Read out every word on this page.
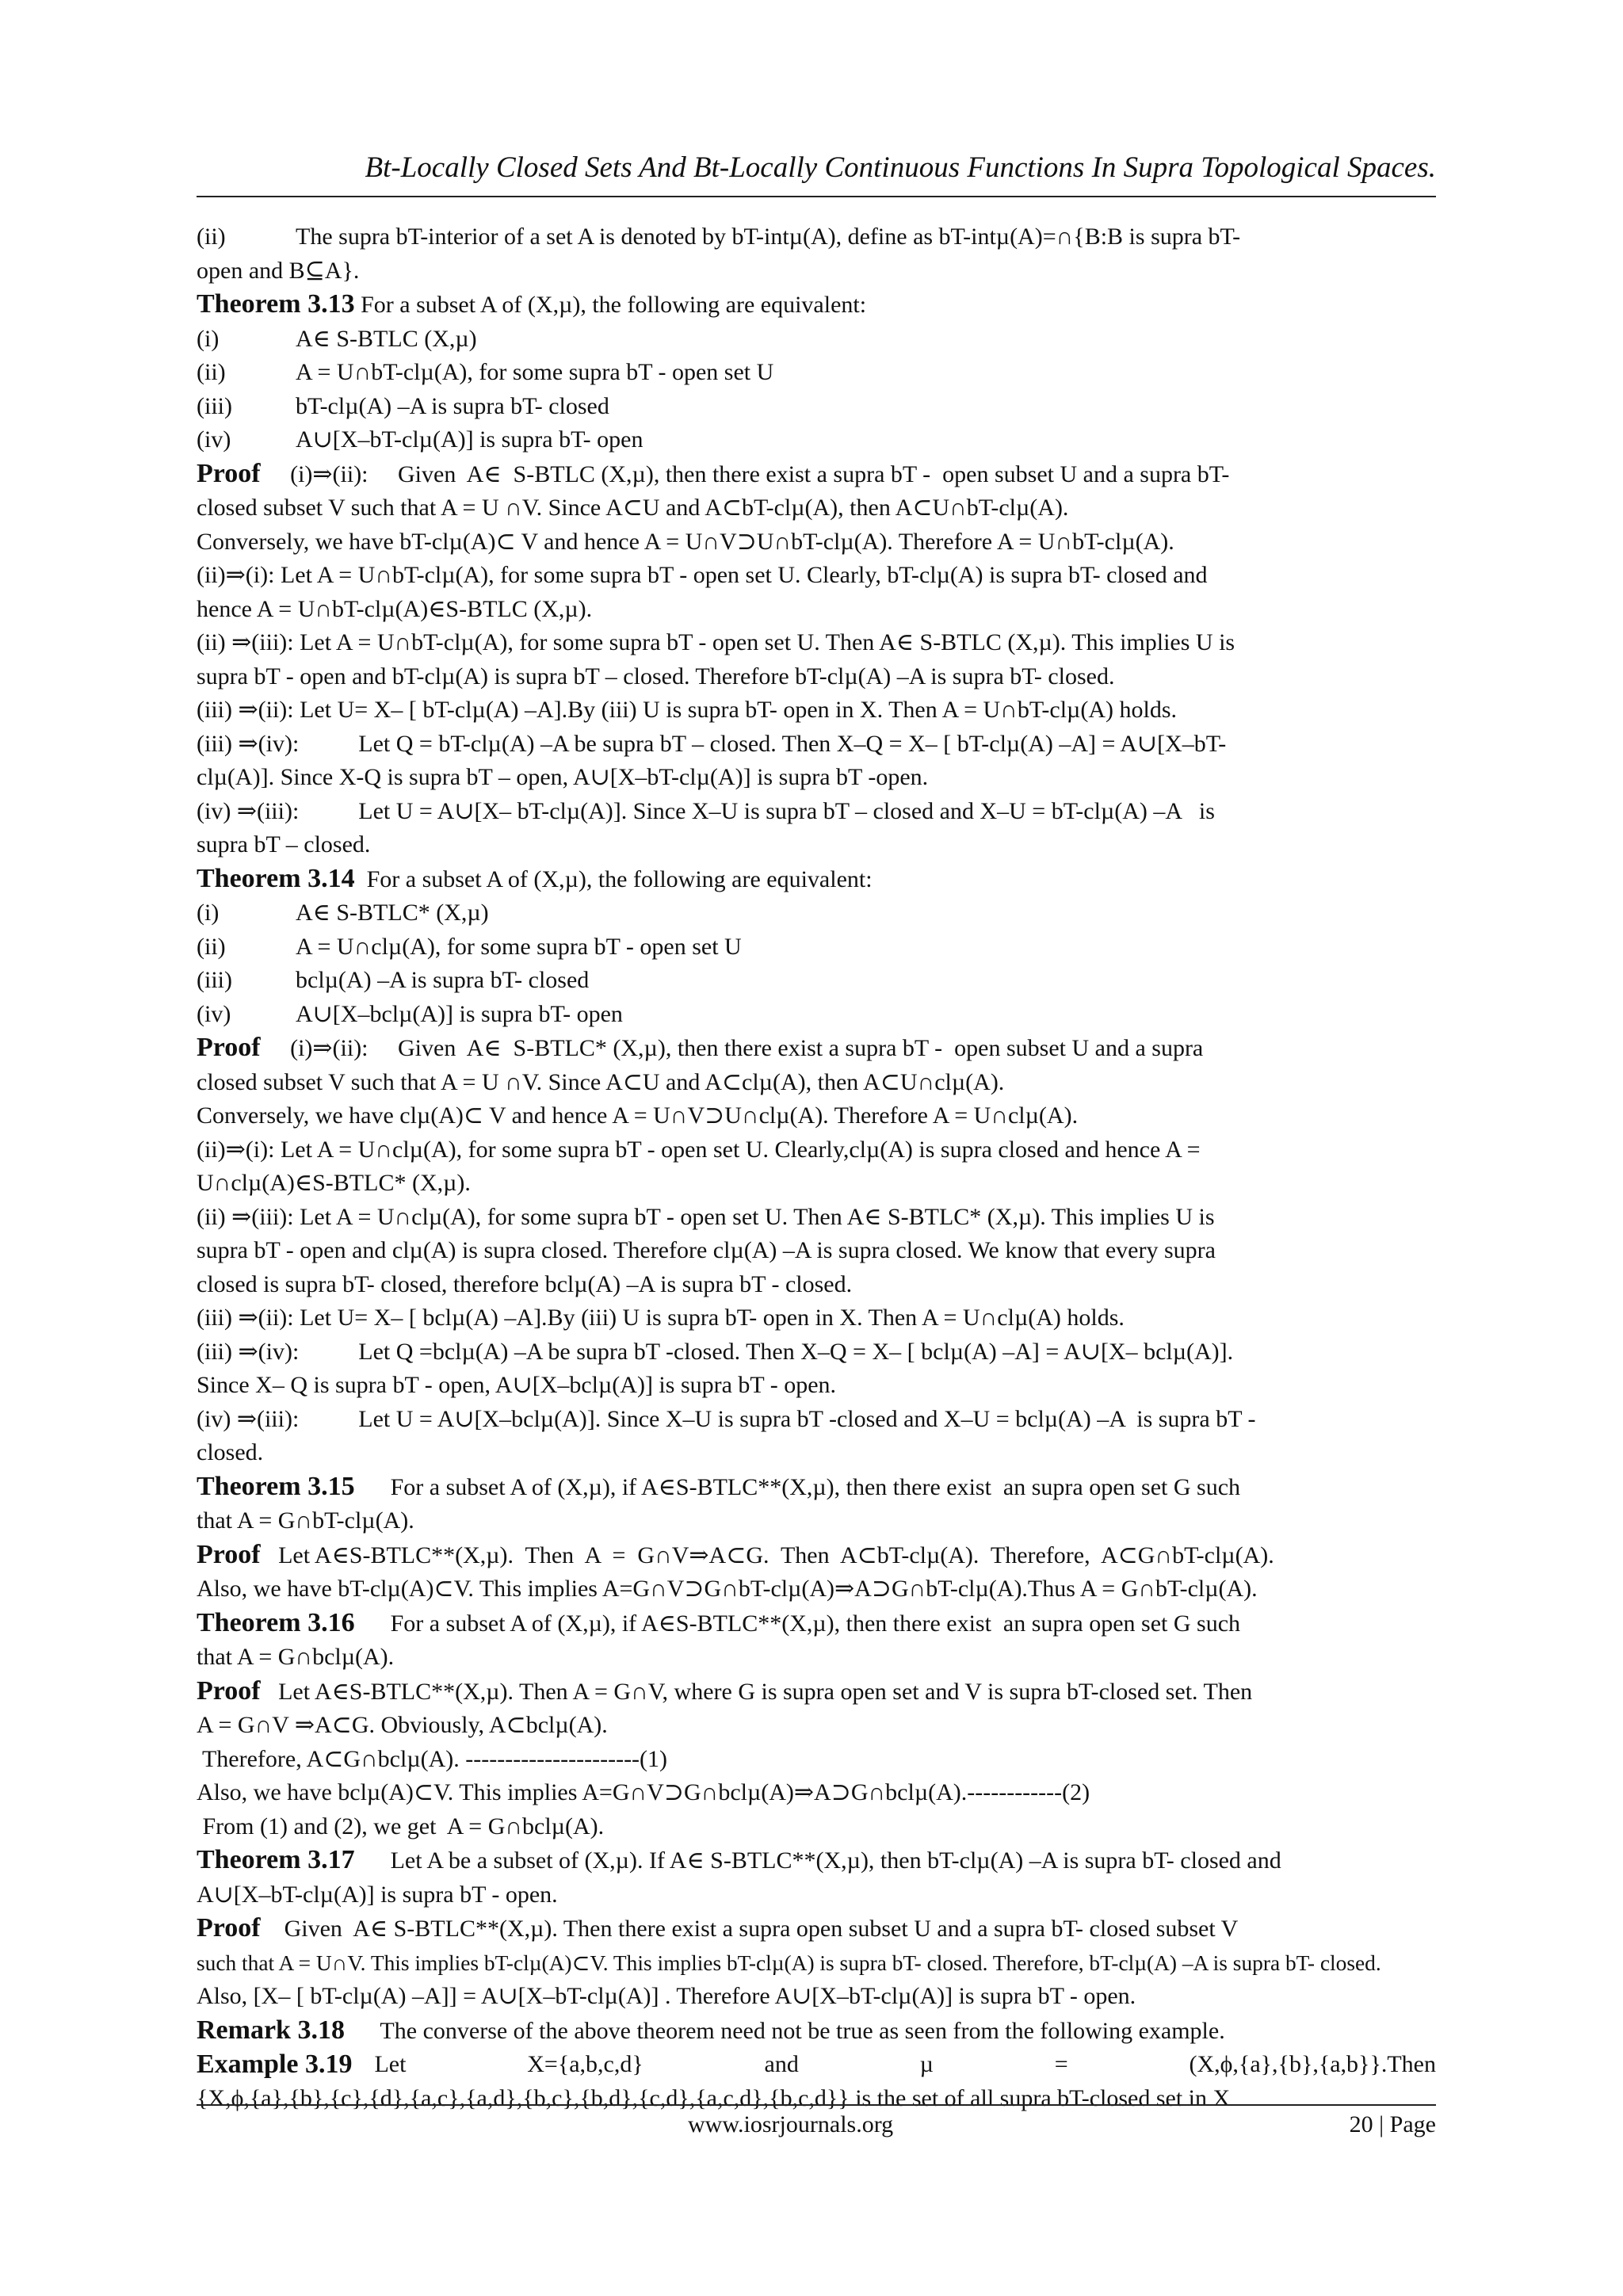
Bt-Locally Closed Sets And Bt-Locally Continuous Functions In Supra Topological Spaces.
(ii)	The supra bT-interior of a set A is denoted by bT-intµ(A), define as bT-intµ(A)=∩{B:B is supra bT-
open and B⊆A}.
Theorem 3.13 For a subset A of (X,µ), the following are equivalent:
(i)	A∈ S-BTLC (X,µ)
(ii)	A = U∩bT-clµ(A), for some supra bT - open set U
(iii)	bT-clµ(A) –A is supra bT- closed
(iv)	A∪[X–bT-clµ(A)] is supra bT- open
Proof     (i)⇒(ii):     Given  A∈  S-BTLC (X,µ), then there exist a supra bT -  open subset U and a supra bT-
closed subset V such that A = U ∩V. Since A⊂U and A⊂bT-clµ(A), then A⊂U∩bT-clµ(A).
Conversely, we have bT-clµ(A)⊂ V and hence A = U∩V⊃U∩bT-clµ(A). Therefore A = U∩bT-clµ(A).
(ii)⇒(i): Let A = U∩bT-clµ(A), for some supra bT - open set U. Clearly, bT-clµ(A) is supra bT- closed and
hence A = U∩bT-clµ(A)∈S-BTLC (X,µ).
(ii) ⇒(iii): Let A = U∩bT-clµ(A), for some supra bT - open set U. Then A∈ S-BTLC (X,µ). This implies U is
supra bT - open and bT-clµ(A) is supra bT – closed. Therefore bT-clµ(A) –A is supra bT- closed.
(iii) ⇒(ii): Let U= X– [ bT-clµ(A) –A].By (iii) U is supra bT- open in X. Then A = U∩bT-clµ(A) holds.
(iii) ⇒(iv):          Let Q = bT-clµ(A) –A be supra bT – closed. Then X–Q = X– [ bT-clµ(A) –A] = A∪[X–bT-
clµ(A)]. Since X-Q is supra bT – open, A∪[X–bT-clµ(A)] is supra bT -open.
(iv) ⇒(iii):          Let U = A∪[X– bT-clµ(A)]. Since X–U is supra bT – closed and X–U = bT-clµ(A) –A   is
supra bT – closed.
Theorem 3.14  For a subset A of (X,µ), the following are equivalent:
(i)	A∈ S-BTLC* (X,µ)
(ii)	A = U∩clµ(A), for some supra bT - open set U
(iii)	bclµ(A) –A is supra bT- closed
(iv)	A∪[X–bclµ(A)] is supra bT- open
Proof     (i)⇒(ii):     Given  A∈  S-BTLC* (X,µ), then there exist a supra bT -  open subset U and a supra
closed subset V such that A = U ∩V. Since A⊂U and A⊂clµ(A), then A⊂U∩clµ(A).
Conversely, we have clµ(A)⊂ V and hence A = U∩V⊃U∩clµ(A). Therefore A = U∩clµ(A).
(ii)⇒(i): Let A = U∩clµ(A), for some supra bT - open set U. Clearly,clµ(A) is supra closed and hence A =
U∩clµ(A)∈S-BTLC* (X,µ).
(ii) ⇒(iii): Let A = U∩clµ(A), for some supra bT - open set U. Then A∈ S-BTLC* (X,µ). This implies U is
supra bT - open and clµ(A) is supra closed. Therefore clµ(A) –A is supra closed. We know that every supra
closed is supra bT- closed, therefore bclµ(A) –A is supra bT - closed.
(iii) ⇒(ii): Let U= X– [ bclµ(A) –A].By (iii) U is supra bT- open in X. Then A = U∩clµ(A) holds.
(iii) ⇒(iv):          Let Q =bclµ(A) –A be supra bT -closed. Then X–Q = X– [ bclµ(A) –A] = A∪[X– bclµ(A)].
Since X– Q is supra bT - open, A∪[X–bclµ(A)] is supra bT - open.
(iv) ⇒(iii):          Let U = A∪[X–bclµ(A)]. Since X–U is supra bT -closed and X–U = bclµ(A) –A  is supra bT -
closed.
Theorem 3.15      For a subset A of (X,µ), if A∈S-BTLC**(X,µ), then there exist  an supra open set G such
that A = G∩bT-clµ(A).
Proof   Let A∈S-BTLC**(X,µ).  Then  A  =  G∩V⇒A⊂G.  Then  A⊂bT-clµ(A).  Therefore,  A⊂G∩bT-clµ(A).
Also, we have bT-clµ(A)⊂V. This implies A=G∩V⊃G∩bT-clµ(A)⇒A⊃G∩bT-clµ(A).Thus A = G∩bT-clµ(A).
Theorem 3.16      For a subset A of (X,µ), if A∈S-BTLC**(X,µ), then there exist  an supra open set G such
that A = G∩bclµ(A).
Proof   Let A∈S-BTLC**(X,µ). Then A = G∩V, where G is supra open set and V is supra bT-closed set. Then
A = G∩V ⇒A⊂G. Obviously, A⊂bclµ(A).
Therefore, A⊂G∩bclµ(A). ----------------------(1)
Also, we have bclµ(A)⊂V. This implies A=G∩V⊃G∩bclµ(A)⇒A⊃G∩bclµ(A).------------(2)
From (1) and (2), we get  A = G∩bclµ(A).
Theorem 3.17      Let A be a subset of (X,µ). If A∈ S-BTLC**(X,µ), then bT-clµ(A) –A is supra bT- closed and
A∪[X–bT-clµ(A)] is supra bT - open.
Proof    Given  A∈ S-BTLC**(X,µ). Then there exist a supra open subset U and a supra bT- closed subset V
such that A = U∩V. This implies bT-clµ(A)⊂V. This implies bT-clµ(A) is supra bT- closed. Therefore, bT-clµ(A) –A is supra bT- closed.
Also, [X– [ bT-clµ(A) –A]] = A∪[X–bT-clµ(A)] . Therefore A∪[X–bT-clµ(A)] is supra bT - open.
Remark 3.18      The converse of the above theorem need not be true as seen from the following example.
Example 3.19 Let	X={a,b,c,d}	and	µ	=	(X,ϕ,{a},{b},{a,b}}.Then
{X,ϕ,{a},{b},{c},{d},{a,c},{a,d},{b,c},{b,d},{c,d},{a,c,d},{b,c,d}} is the set of all supra bT-closed set in X
www.iosrjournals.org	20 | Page
